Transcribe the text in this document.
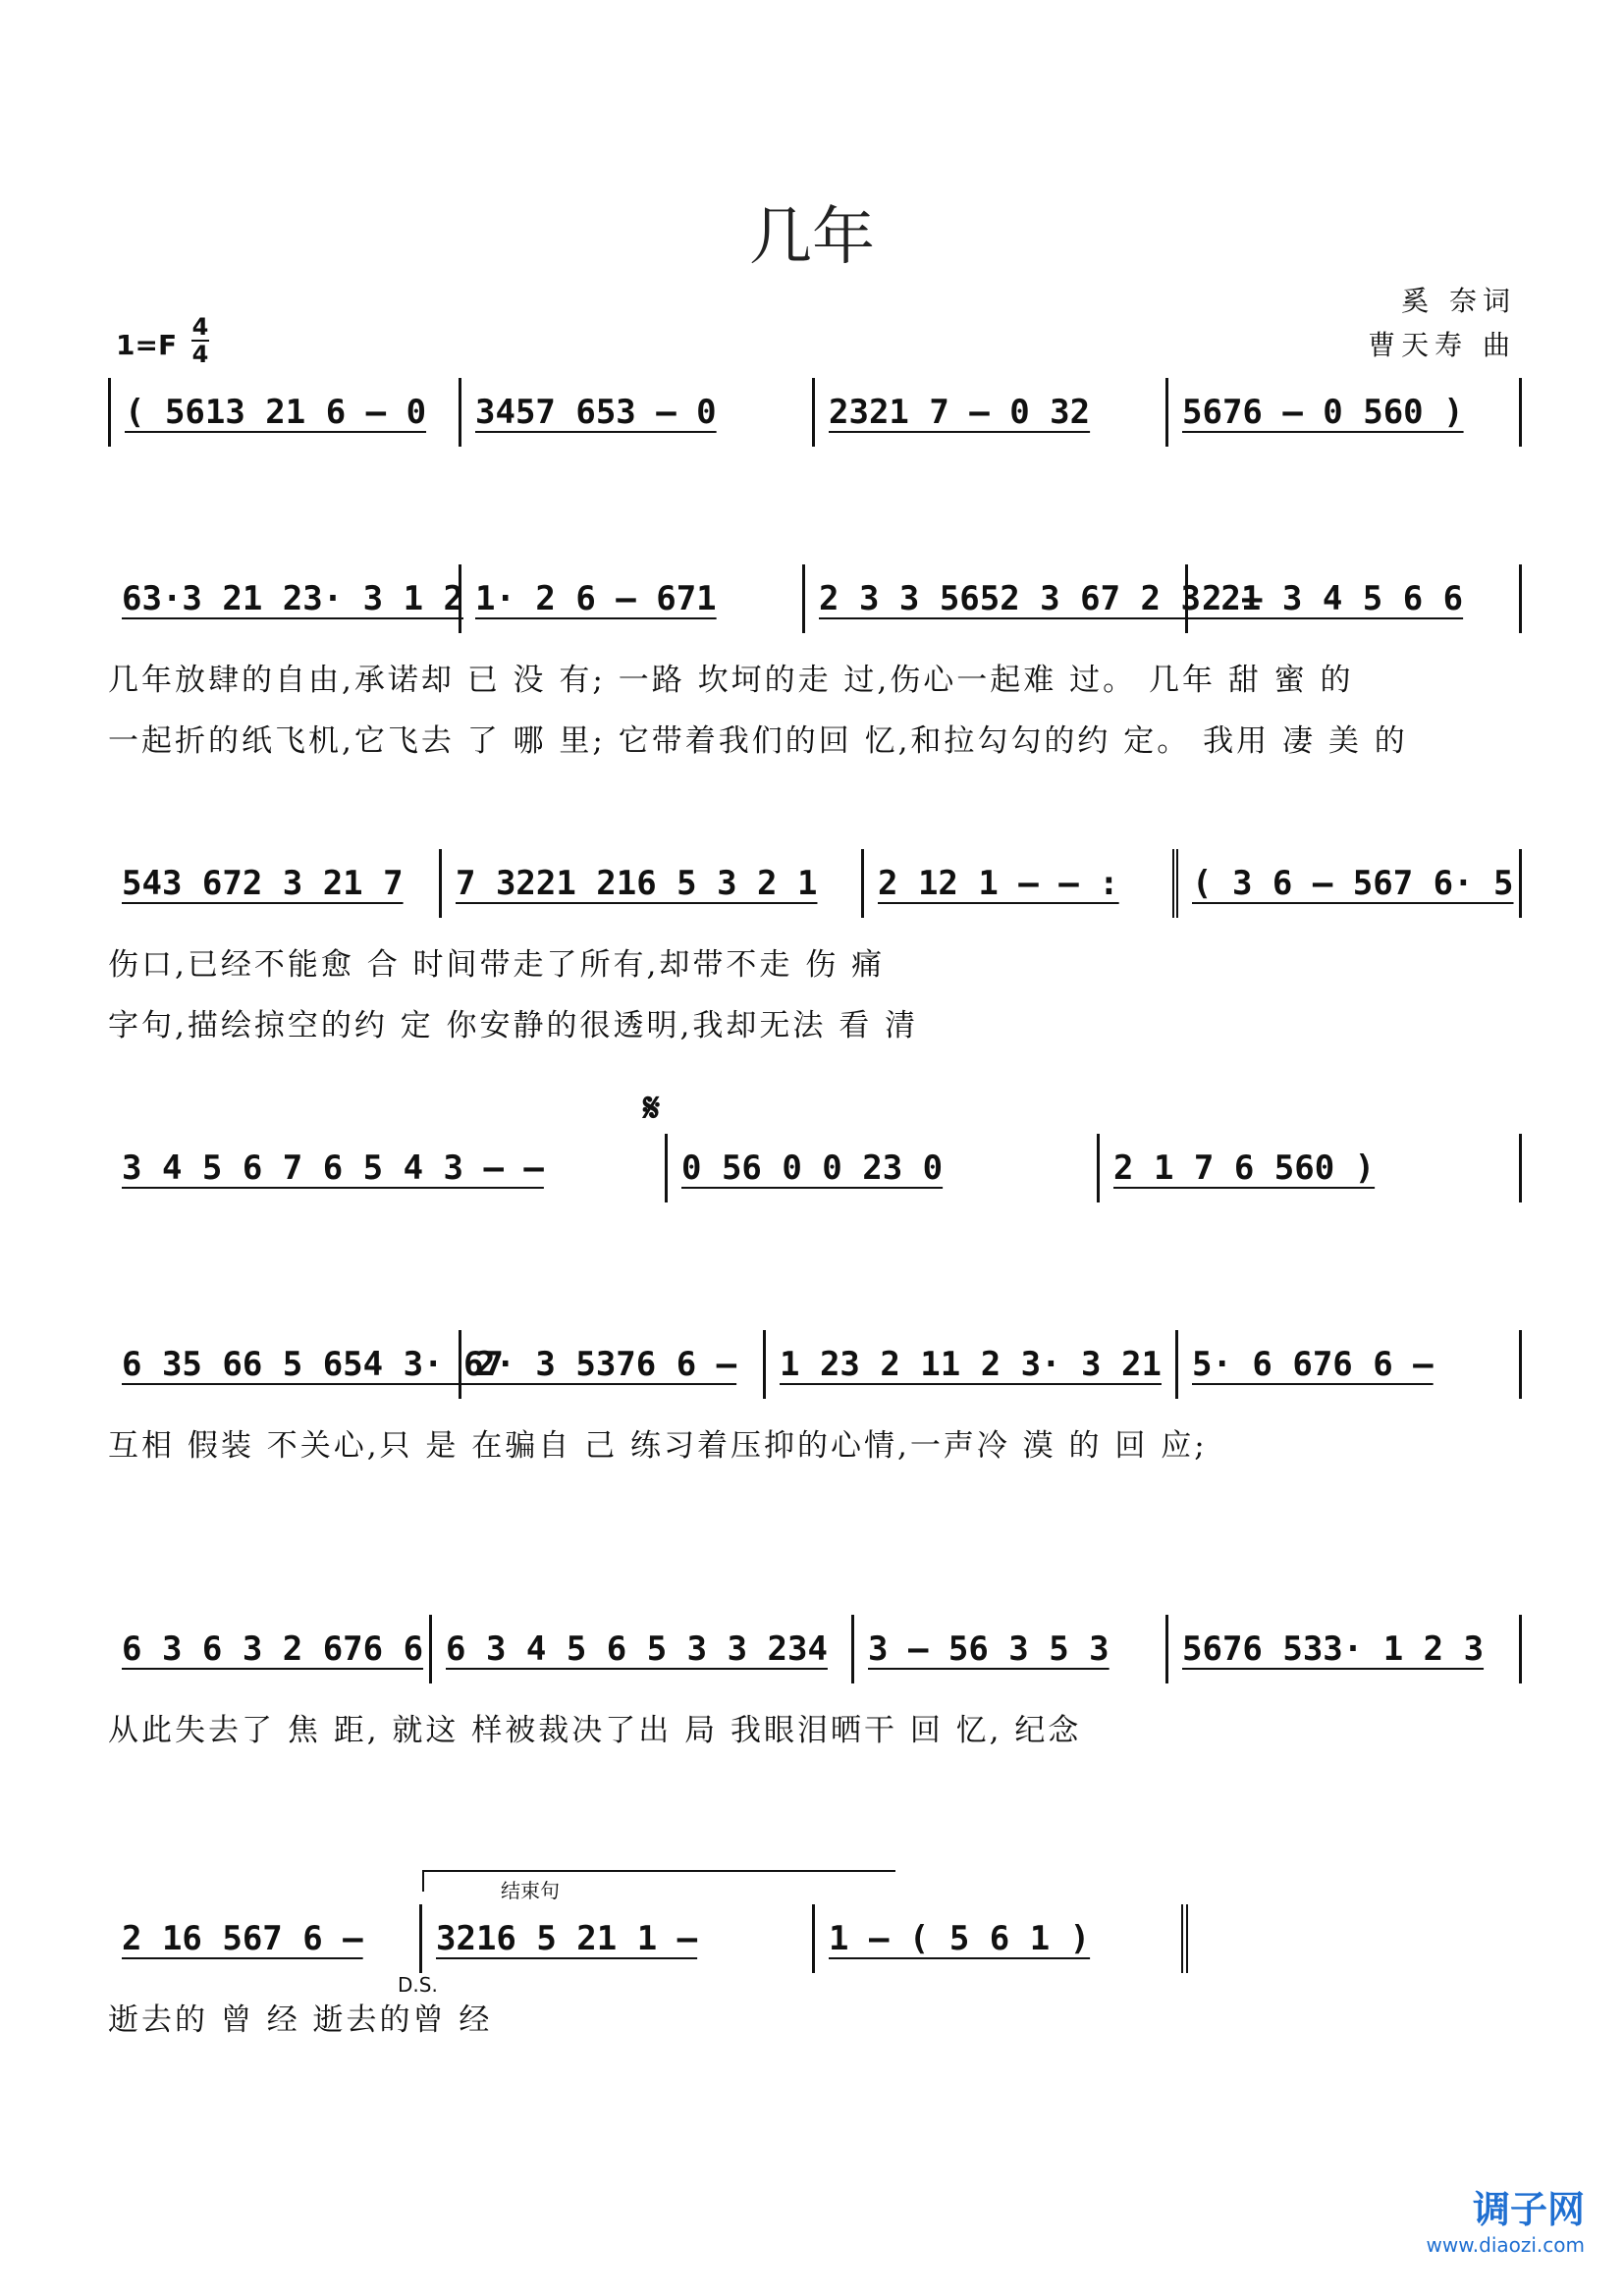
几年
奚 奈词
曹天寿 曲
1=F
4
4
( 5613 21 6 – 0	3457 653 – 0	2321 7 – 0 32	5676 – 0 560 )
63·3 21 23· 3 1 2 1· 2 6 – 671	2 3 3 5652 3 67 2 3 21
2 – 3 4 5 6 6
几年放肆的自由,承诺却 已 没 有; 一路 坎坷的走 过,伤心一起难 过。 几年 甜 蜜 的
一起折的纸飞机,它飞去 了 哪 里; 它带着我们的回 忆,和拉勾勾的约 定。 我用 凄 美 的
543 672 3 21 7	7 3221 216 5 3 2 1	2 12 1 – – :	( 3 6 – 567 6· 5
伤口,已经不能愈 合 时间带走了所有,却带不走 伤 痛
字句,描绘掠空的约 定 你安静的很透明,我却无法 看 清
𝄋
3 4 5 6 7 6 5 4 3 – –	0 56 0 0 23 0	2 1 7 6 560 )
6 35 66 5 654 3· 67
2· 3 5376 6 –	1 23 2 11 2 3· 3 21 5· 6 676 6 –
互相 假装 不关心,只 是 在骗自 己 练习着压抑的心情,一声冷 漠 的 回 应;
6 3 6 3 2 676 6 6 3 4 5 6 5 3 3 234	3 – 56 3 5 3	5676 533· 1 2 3
从此失去了 焦 距, 就这 样被裁决了出 局 我眼泪晒干 回 忆, 纪念
结束句
D.S.
2 16 567 6 –	3216 5 21 1 –	1 – ( 5 6 1 )
逝去的 曾 经 逝去的曾 经
调子网
www.diaozi.com
